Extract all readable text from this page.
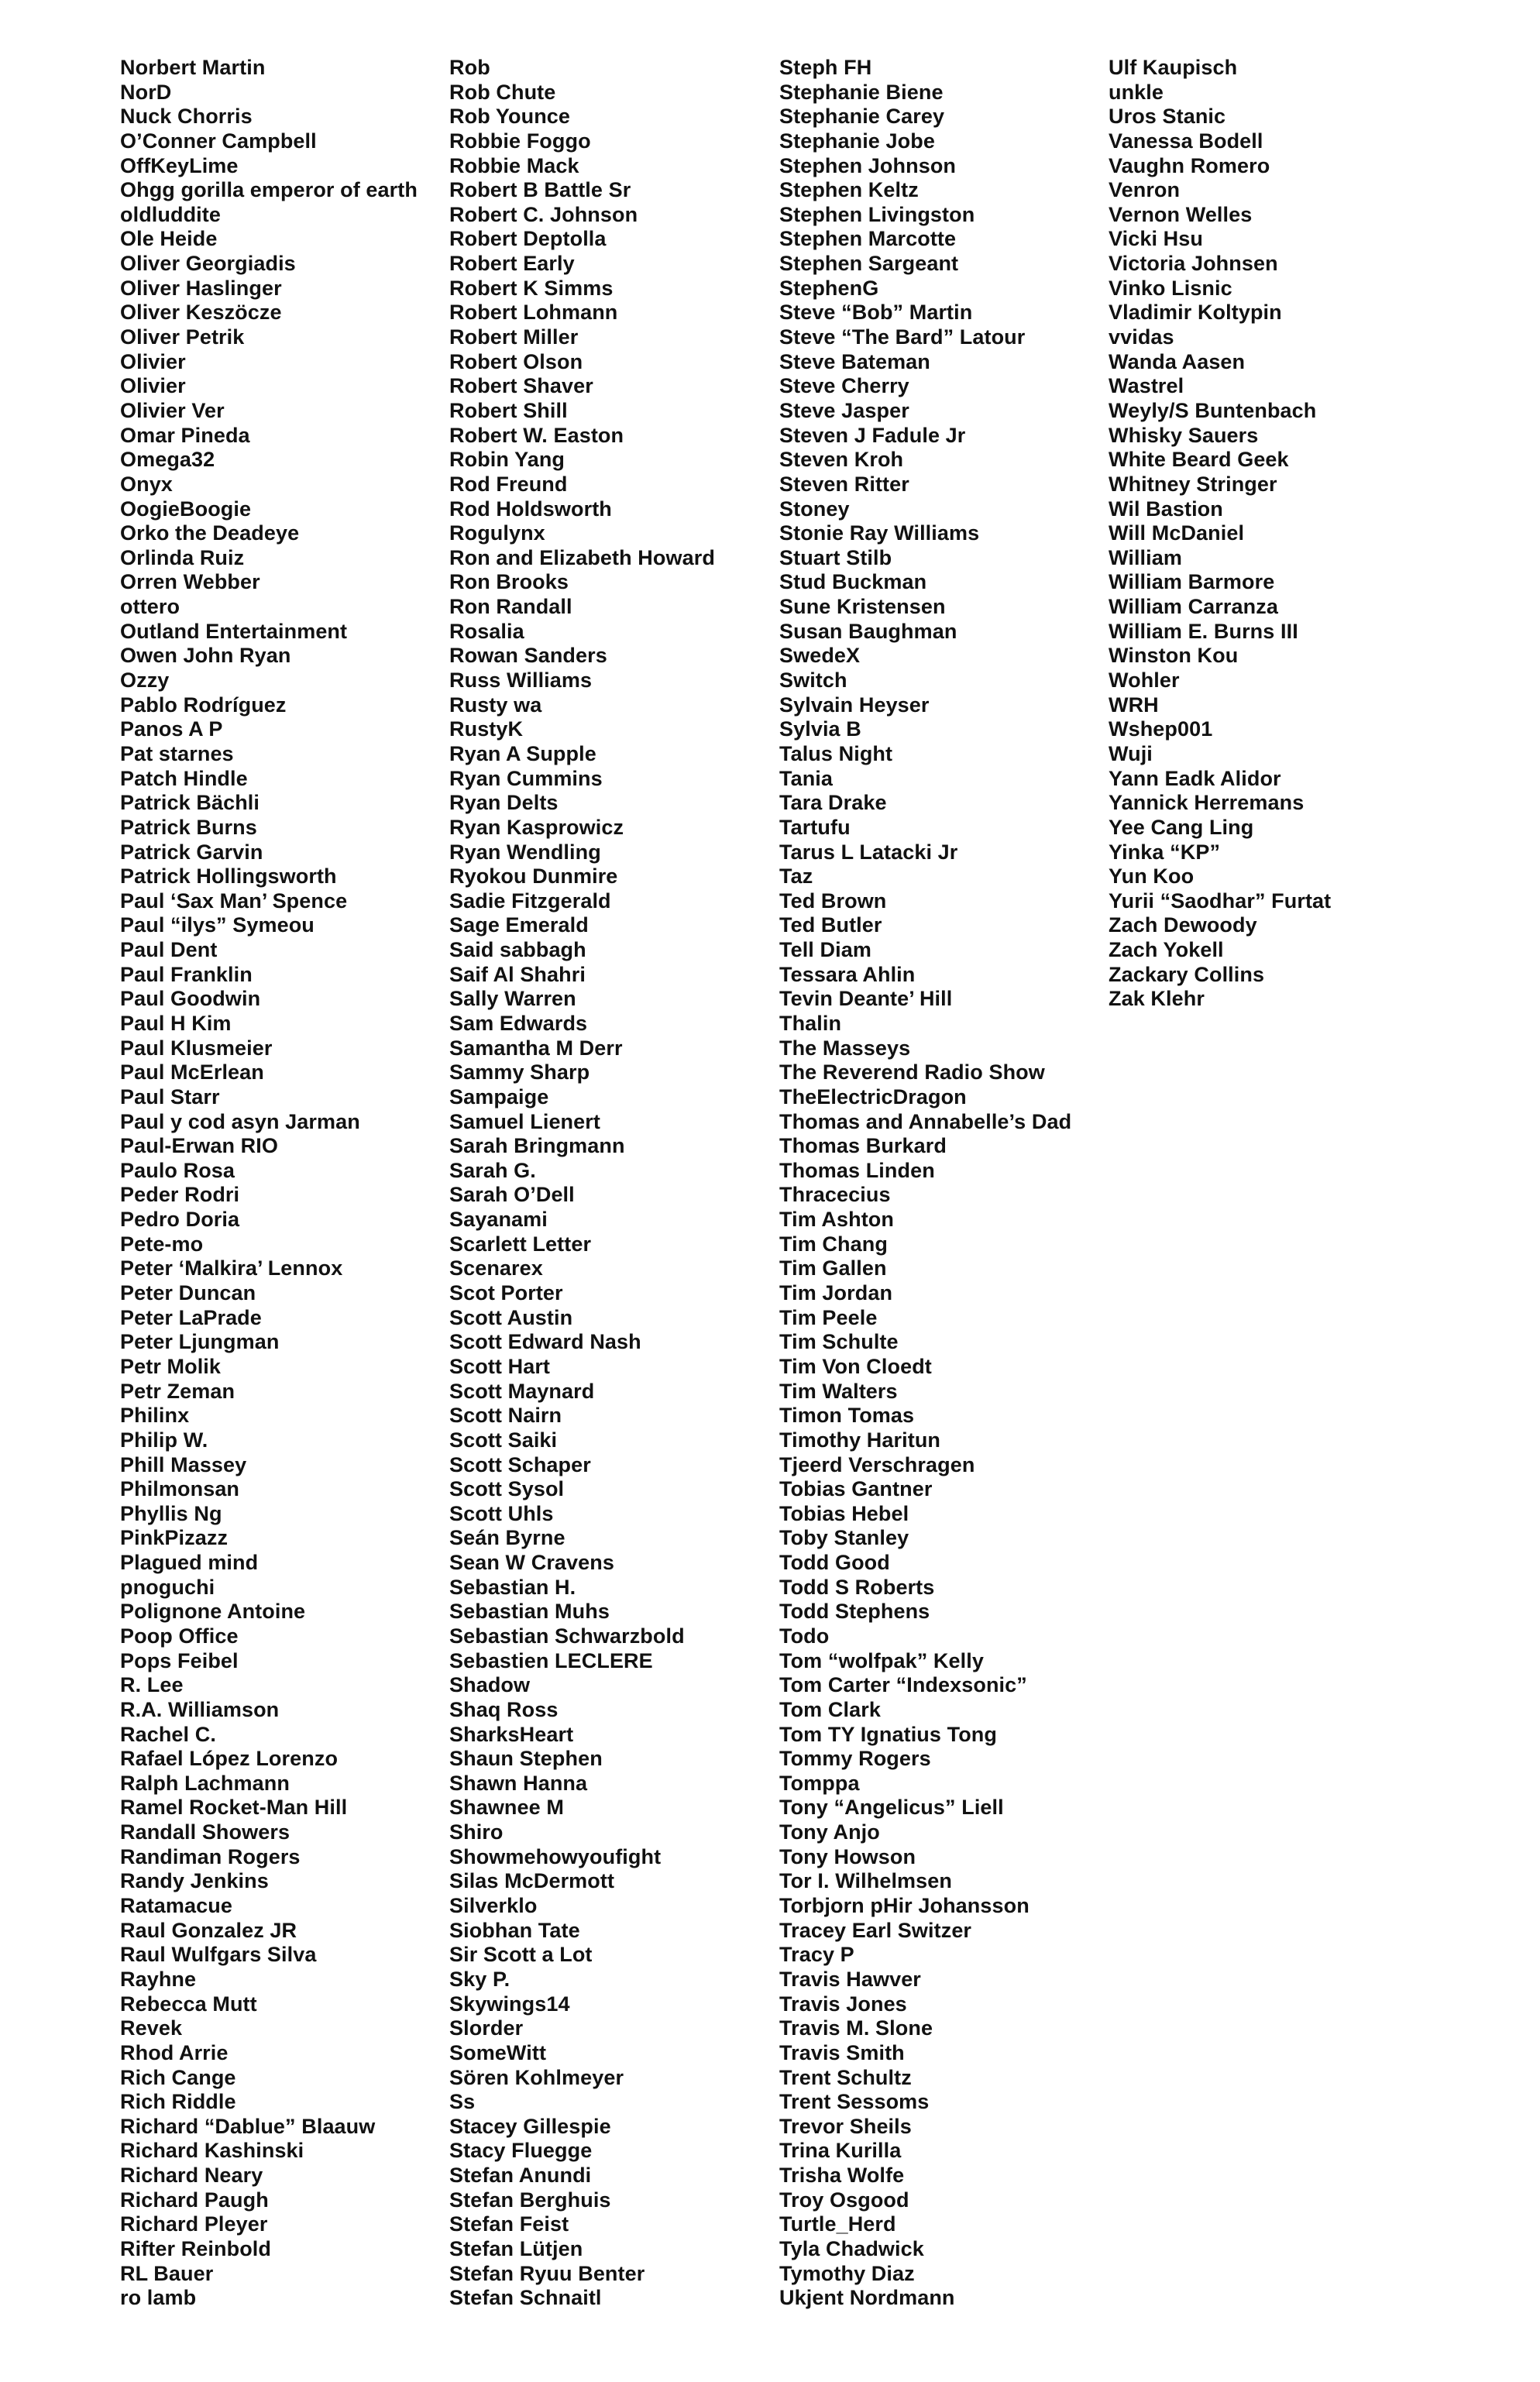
Norbert Martin
NorD
Nuck Chorris
O’Conner Campbell
OffKeyLime
Ohgg gorilla emperor of earth
oldluddite
Ole Heide
Oliver Georgiadis
Oliver Haslinger
Oliver Keszöcze
Oliver Petrik
Olivier
Olivier
Olivier Ver
Omar Pineda
Omega32
Onyx
OogieBoogie
Orko the Deadeye
Orlinda Ruiz
Orren Webber
ottero
Outland Entertainment
Owen John Ryan
Ozzy
Pablo Rodríguez
Panos A P
Pat starnes
Patch Hindle
Patrick Bächli
Patrick Burns
Patrick Garvin
Patrick Hollingsworth
Paul ‘Sax Man’ Spence
Paul “ilys” Symeou
Paul Dent
Paul Franklin
Paul Goodwin
Paul H Kim
Paul Klusmeier
Paul McErlean
Paul Starr
Paul y cod asyn Jarman
Paul-Erwan RIO
Paulo Rosa
Peder Rodri
Pedro Doria
Pete-mo
Peter ‘Malkira’ Lennox
Peter Duncan
Peter LaPrade
Peter Ljungman
Petr Molik
Petr Zeman
Philinx
Philip W.
Phill Massey
Philmonsan
Phyllis Ng
PinkPizazz
Plagued mind
pnoguchi
Polignone Antoine
Poop Office
Pops Feibel
R. Lee
R.A. Williamson
Rachel C.
Rafael López Lorenzo
Ralph Lachmann
Ramel Rocket-Man Hill
Randall Showers
Randiman Rogers
Randy Jenkins
Ratamacue
Raul Gonzalez JR
Raul Wulfgars Silva
Rayhne
Rebecca Mutt
Revek
Rhod Arrie
Rich Cange
Rich Riddle
Richard “Dablue” Blaauw
Richard Kashinski
Richard Neary
Richard Paugh
Richard Pleyer
Rifter Reinbold
RL Bauer
ro lamb
Rob
Rob Chute
Rob Younce
Robbie Foggo
Robbie Mack
Robert B Battle Sr
Robert C. Johnson
Robert Deptolla
Robert Early
Robert K Simms
Robert Lohmann
Robert Miller
Robert Olson
Robert Shaver
Robert Shill
Robert W. Easton
Robin Yang
Rod Freund
Rod Holdsworth
Rogulynx
Ron and Elizabeth Howard
Ron Brooks
Ron Randall
Rosalia
Rowan Sanders
Russ Williams
Rusty wa
RustyK
Ryan A Supple
Ryan Cummins
Ryan Delts
Ryan Kasprowicz
Ryan Wendling
Ryokou Dunmire
Sadie Fitzgerald
Sage Emerald
Said sabbagh
Saif Al Shahri
Sally Warren
Sam Edwards
Samantha M Derr
Sammy Sharp
Sampaige
Samuel Lienert
Sarah Bringmann
Sarah G.
Sarah O’Dell
Sayanami
Scarlett Letter
Scenarex
Scot Porter
Scott Austin
Scott Edward Nash
Scott Hart
Scott Maynard
Scott Nairn
Scott Saiki
Scott Schaper
Scott Sysol
Scott Uhls
Seán Byrne
Sean W Cravens
Sebastian H.
Sebastian Muhs
Sebastian Schwarzbold
Sebastien LECLERE
Shadow
Shaq Ross
SharksHeart
Shaun Stephen
Shawn Hanna
Shawnee M
Shiro
Showmehowyoufight
Silas McDermott
Silverklo
Siobhan Tate
Sir Scott a Lot
Sky P.
Skywings14
Slorder
SomeWitt
Sören Kohlmeyer
Ss
Stacey Gillespie
Stacy Fluegge
Stefan Anundi
Stefan Berghuis
Stefan Feist
Stefan Lütjen
Stefan Ryuu Benter
Stefan Schnaitl
Steph FH
Stephanie Biene
Stephanie Carey
Stephanie Jobe
Stephen Johnson
Stephen Keltz
Stephen Livingston
Stephen Marcotte
Stephen Sargeant
StephenG
Steve “Bob” Martin
Steve “The Bard” Latour
Steve Bateman
Steve Cherry
Steve Jasper
Steven J Fadule Jr
Steven Kroh
Steven Ritter
Stoney
Stonie Ray Williams
Stuart Stilb
Stud Buckman
Sune Kristensen
Susan Baughman
SwedeX
Switch
Sylvain Heyser
Sylvia B
Talus Night
Tania
Tara Drake
Tartufu
Tarus L Latacki Jr
Taz
Ted Brown
Ted Butler
Tell Diam
Tessara Ahlin
Tevin Deante’ Hill
Thalin
The Masseys
The Reverend Radio Show
TheElectricDragon
Thomas and Annabelle’s Dad
Thomas Burkard
Thomas Linden
Thracecius
Tim Ashton
Tim Chang
Tim Gallen
Tim Jordan
Tim Peele
Tim Schulte
Tim Von Cloedt
Tim Walters
Timon Tomas
Timothy Haritun
Tjeerd Verschragen
Tobias Gantner
Tobias Hebel
Toby Stanley
Todd Good
Todd S Roberts
Todd Stephens
Todo
Tom “wolfpak” Kelly
Tom Carter “Indexsonic”
Tom Clark
Tom TY Ignatius Tong
Tommy Rogers
Tomppa
Tony “Angelicus” Liell
Tony Anjo
Tony Howson
Tor I. Wilhelmsen
Torbjorn pHir Johansson
Tracey Earl Switzer
Tracy P
Travis Hawver
Travis Jones
Travis M. Slone
Travis Smith
Trent Schultz
Trent Sessoms
Trevor Sheils
Trina Kurilla
Trisha Wolfe
Troy Osgood
Turtle_Herd
Tyla Chadwick
Tymothy Diaz
Ukjent Nordmann
Ulf Kaupisch
unkle
Uros Stanic
Vanessa Bodell
Vaughn Romero
Venron
Vernon Welles
Vicki Hsu
Victoria Johnsen
Vinko Lisnic
Vladimir Koltypin
vvidas
Wanda Aasen
Wastrel
Weyly/S Buntenbach
Whisky Sauers
White Beard Geek
Whitney Stringer
Wil Bastion
Will McDaniel
William
William Barmore
William Carranza
William E. Burns III
Winston Kou
Wohler
WRH
Wshep001
Wuji
Yann Eadk Alidor
Yannick Herremans
Yee Cang Ling
Yinka “KP”
Yun Koo
Yurii “Saodhar” Furtat
Zach Dewoody
Zach Yokell
Zackary Collins
Zak Klehr
